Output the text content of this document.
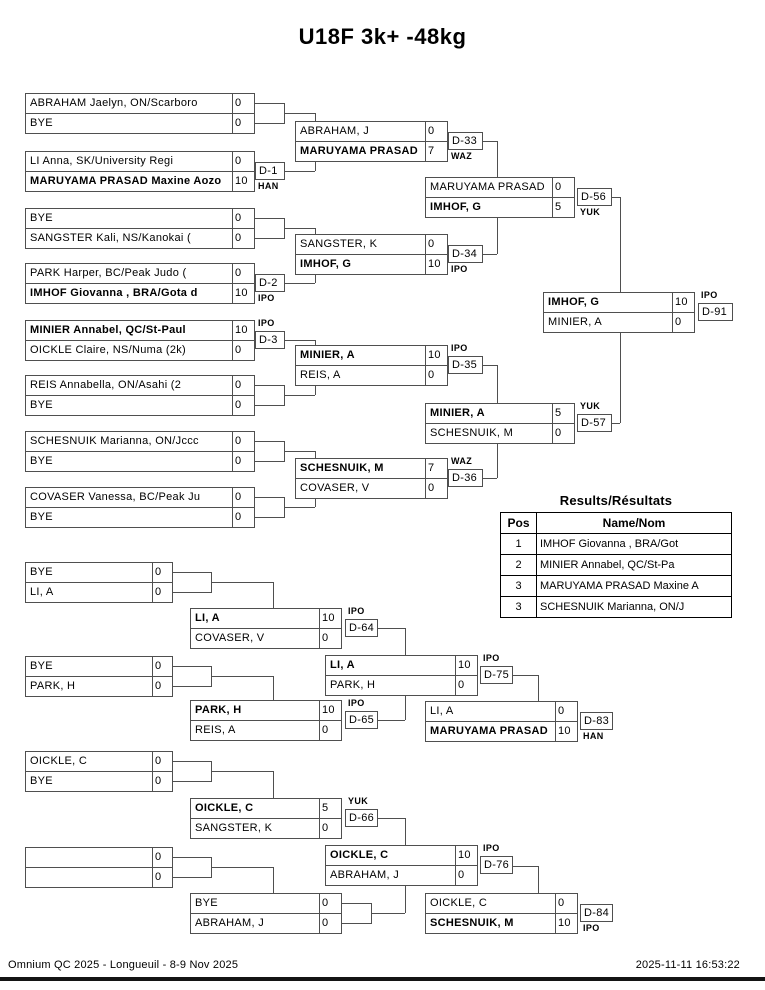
U18F 3k+ -48kg
ABRAHAM Jaelyn, ON/Scarboro	0
BYE	0
LI Anna, SK/University Regi	0
MARUYAMA PRASAD Maxine Aozo	10
D-1
HAN
BYE	0
SANGSTER Kali, NS/Kanokai (	0
PARK Harper, BC/Peak Judo (	0
IMHOF Giovanna , BRA/Gota d	10
D-2
IPO
MINIER Annabel, QC/St-Paul	10
OICKLE Claire, NS/Numa (2k)	0
D-3
IPO
REIS Annabella, ON/Asahi (2	0
BYE	0
SCHESNUIK Marianna, ON/Jccc	0
BYE	0
COVASER Vanessa, BC/Peak Ju	0
BYE	0
ABRAHAM, J	0
MARUYAMA PRASAD 7
D-33
WAZ
SANGSTER, K	0
IMHOF, G	10
D-34
IPO
MINIER, A	10
REIS, A	0
D-35
IPO
SCHESNUIK, M	7
COVASER, V	0
D-36
WAZ
MARUYAMA PRASAD 0
IMHOF, G	5
D-56
YUK
MINIER, A	5
SCHESNUIK, M	0
D-57
YUK
IMHOF, G	10
MINIER, A	0
D-91
IPO
BYE	0
LI, A	0
BYE	0
PARK, H	0
OICKLE, C	0
BYE	0
0
0
LI, A	10
COVASER, V	0
D-64
IPO
PARK, H	10
REIS, A	0
D-65
IPO
OICKLE, C	5
SANGSTER, K	0
D-66
YUK
BYE	0
ABRAHAM, J	0
LI, A	10
PARK, H	0
D-75
IPO
OICKLE, C	10
ABRAHAM, J	0
D-76
IPO
LI, A	0
MARUYAMA PRASAD 10
D-83
HAN
OICKLE, C	0
SCHESNUIK, M	10
D-84
IPO
Results/Résultats
Pos	Name/Nom
1	IMHOF Giovanna , BRA/Got
2	MINIER Annabel, QC/St-Pa
3	MARUYAMA PRASAD Maxine A
3	SCHESNUIK Marianna, ON/J
Omnium QC 2025 - Longueuil - 8-9 Nov 2025	2025-11-11 16:53:22
